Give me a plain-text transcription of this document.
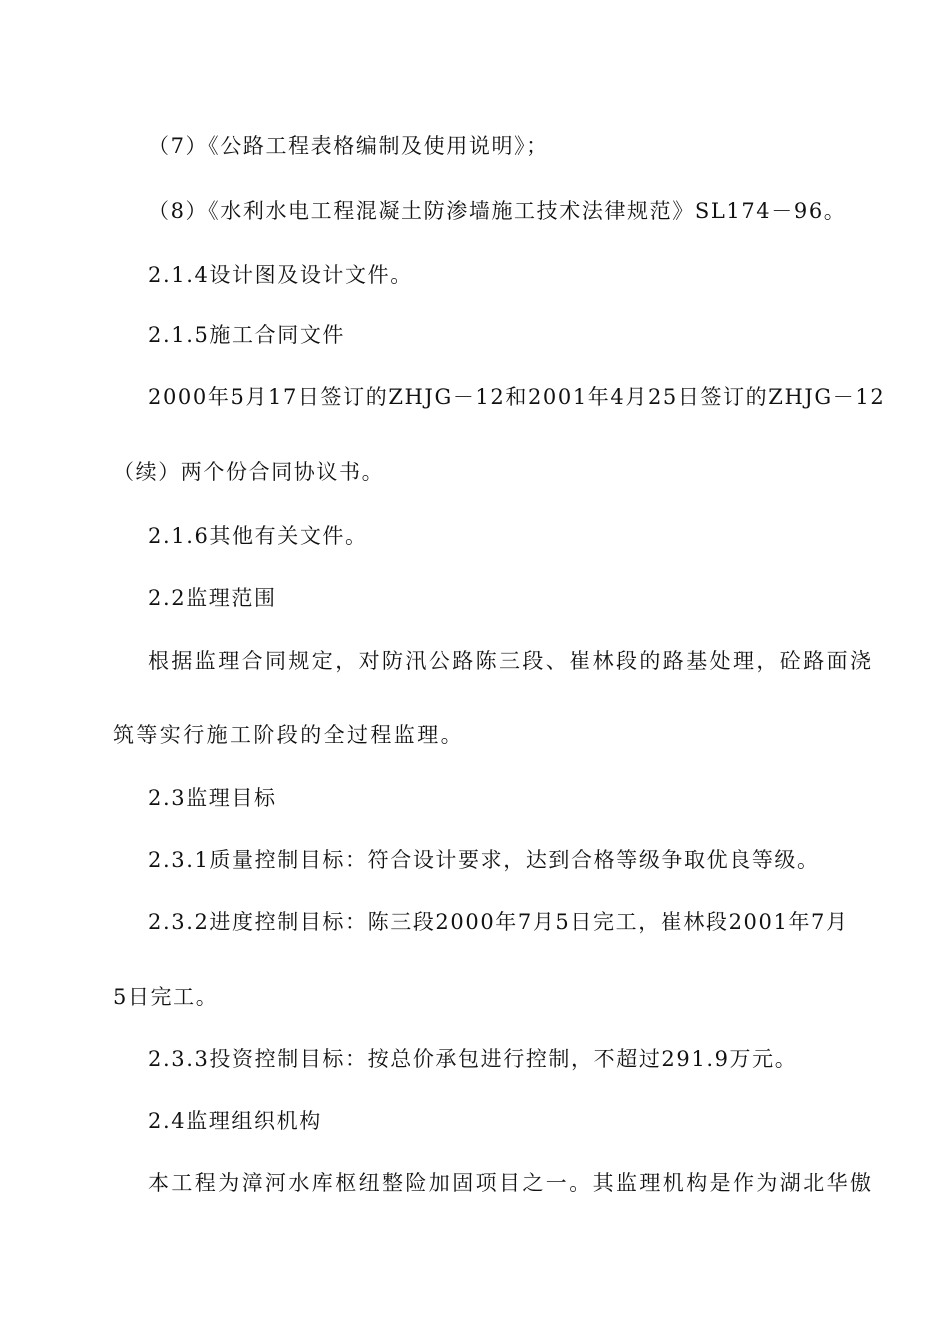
（7）《公路工程表格编制及使用说明》；
（8）《水利水电工程混凝土防渗墙施工技术法律规范》SL174－96。
2.1.4设计图及设计文件。
2.1.5施工合同文件
2000年5月17日签订的ZHJG－12和2001年4月25日签订的ZHJG－12
（续）两个份合同协议书。
2.1.6其他有关文件。
2.2监理范围
根据监理合同规定，对防汛公路陈三段、崔林段的路基处理，砼路面浇
筑等实行施工阶段的全过程监理。
2.3监理目标
2.3.1质量控制目标：符合设计要求，达到合格等级争取优良等级。
2.3.2进度控制目标：陈三段2000年7月5日完工，崔林段2001年7月
5日完工。
2.3.3投资控制目标：按总价承包进行控制，不超过291.9万元。
2.4监理组织机构
本工程为漳河水库枢纽整险加固项目之一。其监理机构是作为湖北华傲
